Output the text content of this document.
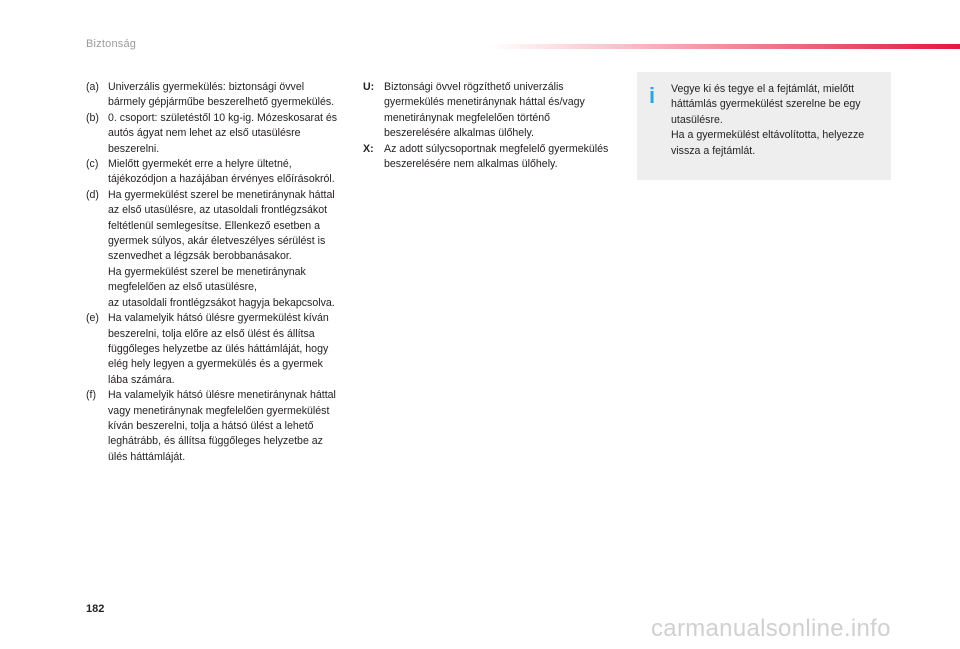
Biztonság
(a) Univerzális gyermekülés: biztonsági övvel bármely gépjárműbe beszerelhető gyermekülés.
(b) 0. csoport: születéstől 10 kg-ig. Mózeskosarat és autós ágyat nem lehet az első utasülésre beszerelni.
(c) Mielőtt gyermekét erre a helyre ültetné, tájékozódjon a hazájában érvényes előírásokról.
(d) Ha gyermekülést szerel be menetiránynak háttal az első utasülésre, az utasoldali frontlégzsákot feltétlenül semlegesítse. Ellenkező esetben a gyermek súlyos, akár életveszélyes sérülést is szenvedhet a légzsák berobbanásakor.
Ha gyermekülést szerel be menetiránynak megfelelően az első utasülésre,
az utasoldali frontlégzsákot hagyja bekapcsolva.
(e) Ha valamelyik hátsó ülésre gyermekülést kíván beszerelni, tolja előre az első ülést és állítsa függőleges helyzetbe az ülés háttámláját, hogy elég hely legyen a gyermekülés és a gyermek lába számára.
(f)	Ha valamelyik hátsó ülésre menetiránynak háttal vagy menetiránynak megfelelően gyermekülést kíván beszerelni, tolja a hátsó ülést a lehető leghátrább, és állítsa függőleges helyzetbe az ülés háttámláját.
U: Biztonsági övvel rögzíthető univerzális gyermekülés menetiránynak háttal és/vagy menetiránynak megfelelően történő beszerelésére alkalmas ülőhely.
X: Az adott súlycsoportnak megfelelő gyermekülés beszerelésére nem alkalmas ülőhely.
i Vegye ki és tegye el a fejtámlát, mielőtt háttámlás gyermekülést szerelne be egy utasülésre.
Ha a gyermekülést eltávolította, helyezze vissza a fejtámlát.
182
carmanualsonline.info
